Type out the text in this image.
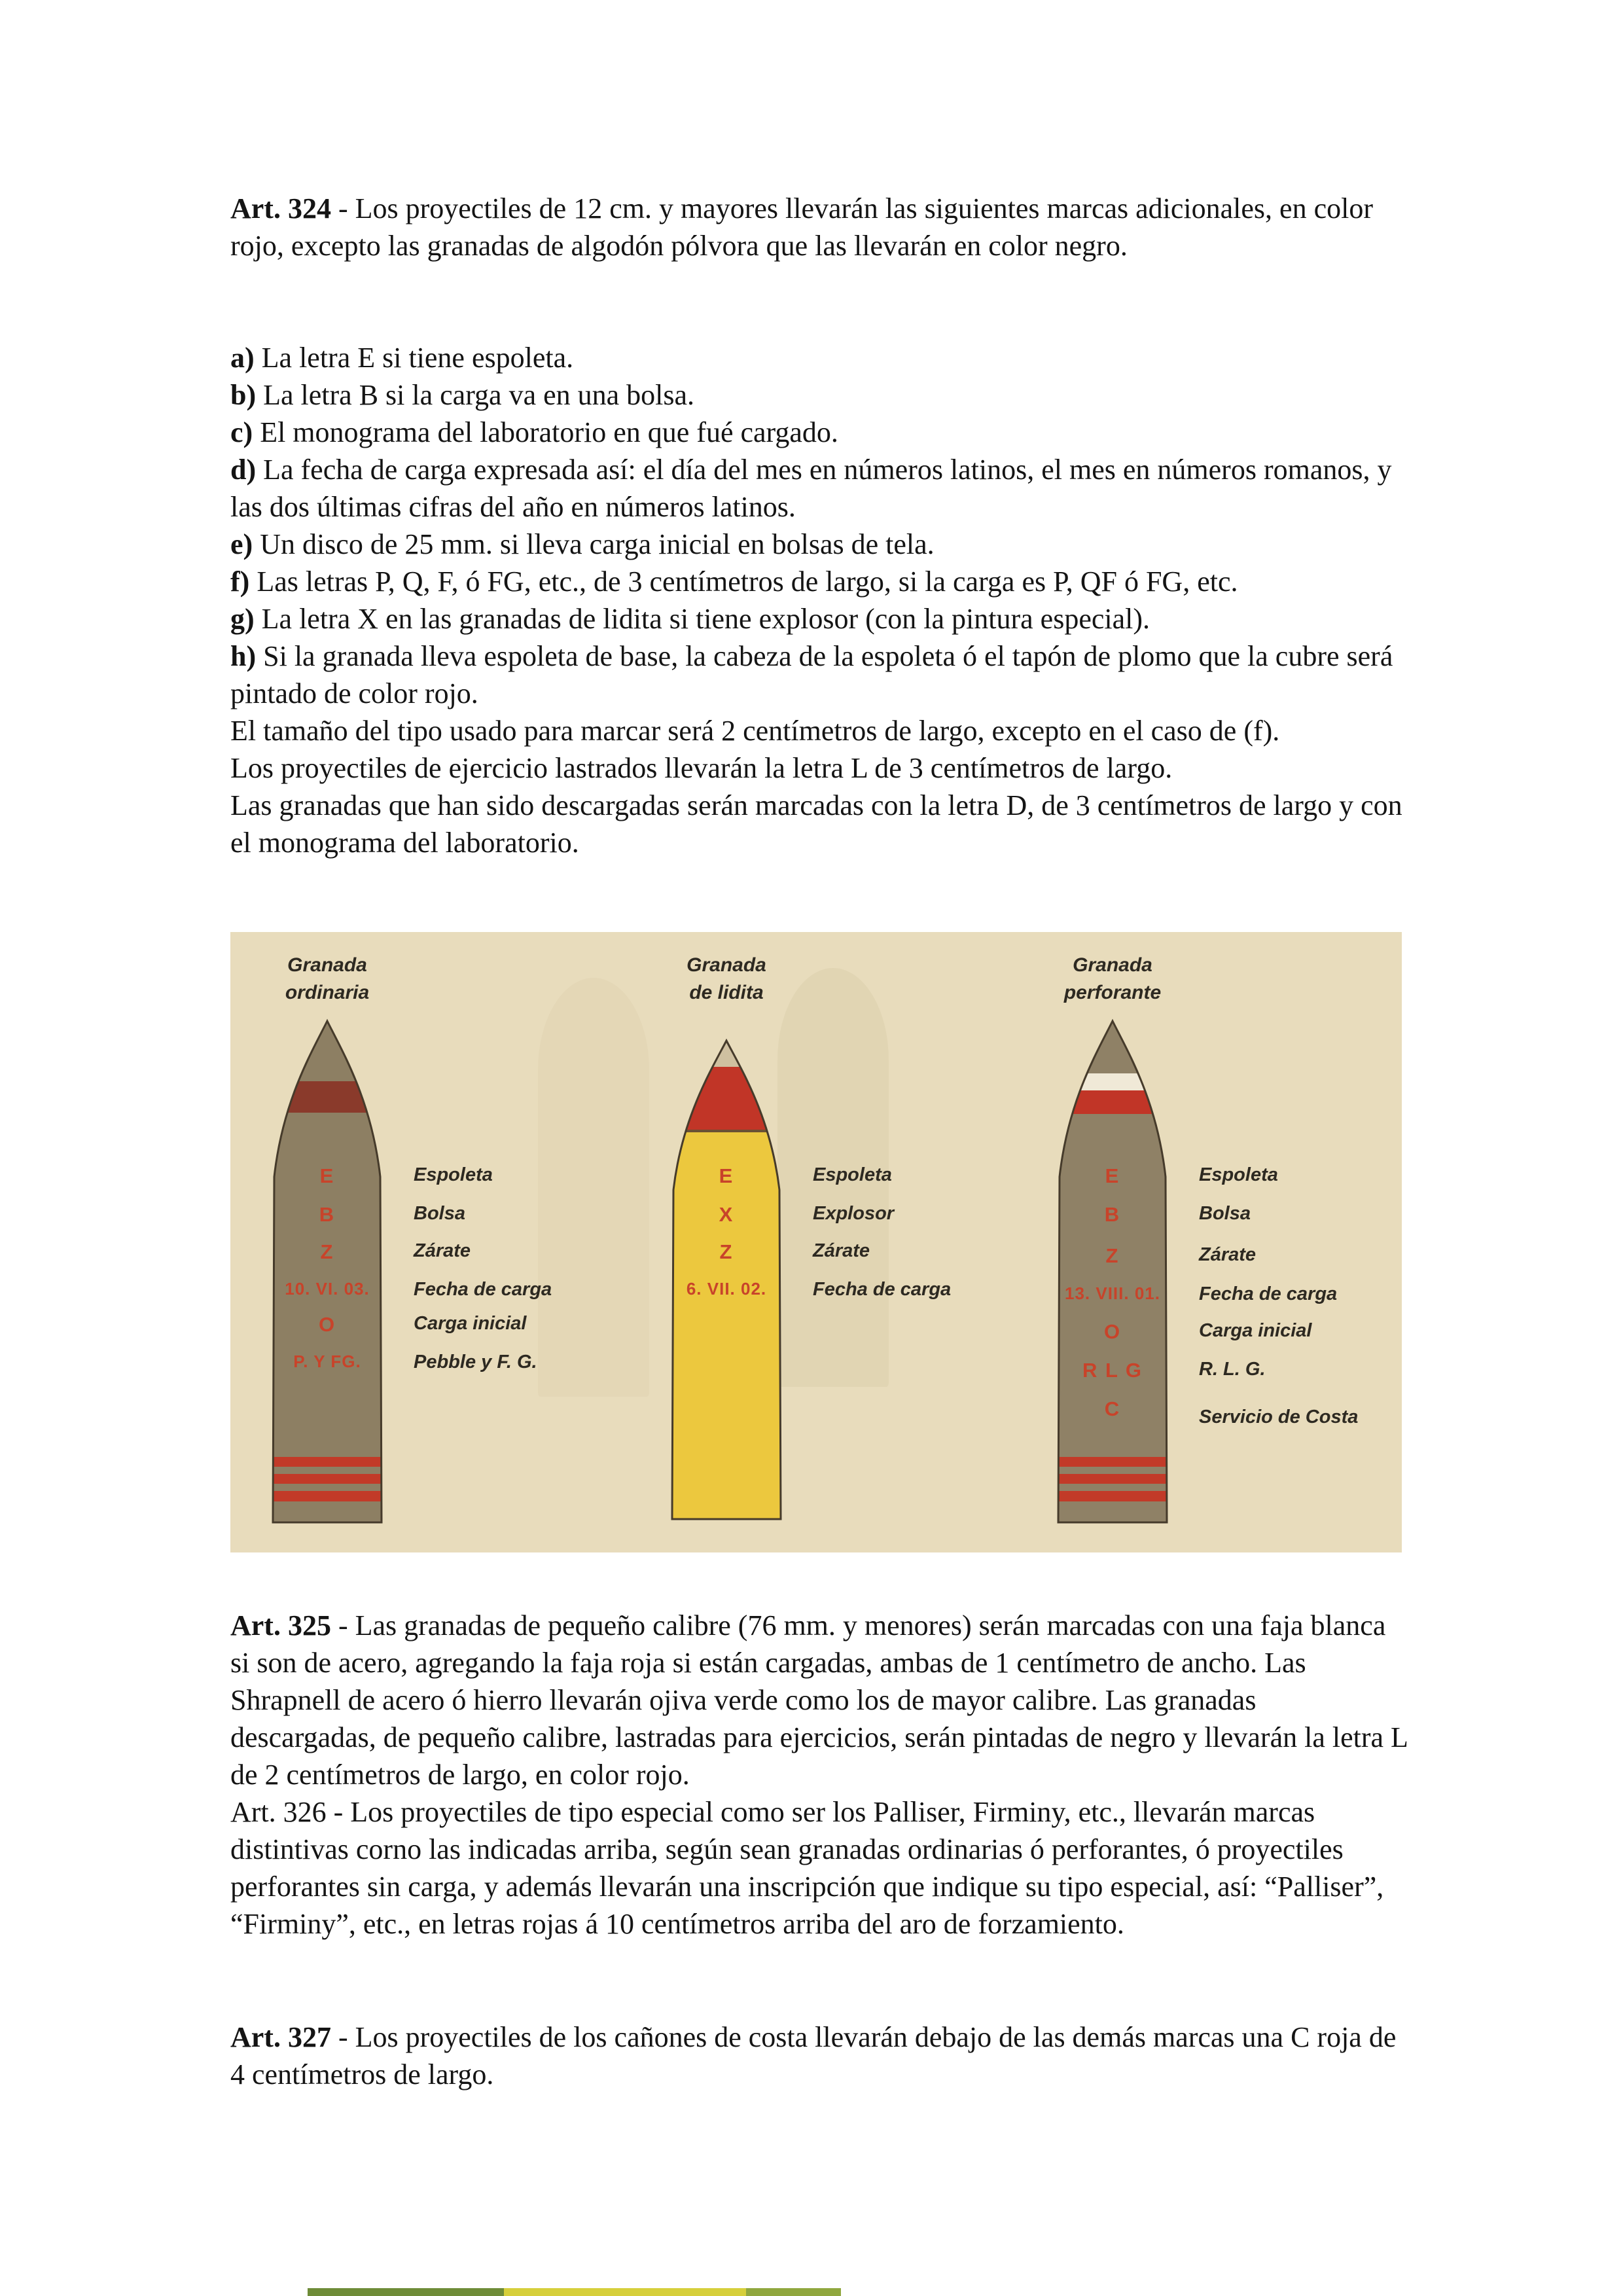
Art. 324 - Los proyectiles de 12 cm. y mayores llevarán las siguientes marcas adicionales, en color rojo, excepto las granadas de algodón pólvora que las llevarán en color negro.
a) La letra E si tiene espoleta.
b) La letra B si la carga va en una bolsa.
c) El monograma del laboratorio en que fué cargado.
d) La fecha de carga expresada así: el día del mes en números latinos, el mes en números romanos, y las dos últimas cifras del año en números latinos.
e) Un disco de 25 mm. si lleva carga inicial en bolsas de tela.
f) Las letras P, Q, F, ó FG, etc., de 3 centímetros de largo, si la carga es P, QF ó FG, etc.
g) La letra X en las granadas de lidita si tiene explosor (con la pintura especial).
h) Si la granada lleva espoleta de base, la cabeza de la espoleta ó el tapón de plomo que la cubre será pintado de color rojo.
El tamaño del tipo usado para marcar será 2 centímetros de largo, excepto en el caso de (f).
Los proyectiles de ejercicio lastrados llevarán la letra L de 3 centímetros de largo.
Las granadas que han sido descargadas serán marcadas con la letra D, de 3 centímetros de largo y con el monograma del laboratorio.
Granada
ordinaria
E
B
Z
10. VI. 03.
O
P. Y FG.
Espoleta
Bolsa
Zárate
Fecha de carga
Carga inicial
Pebble y F. G.
Granada
de lidita
E
X
Z
6. VII. 02.
Espoleta
Explosor
Zárate
Fecha de carga
Granada
perforante
E
B
Z
13. VIII. 01.
O
R L G
C
Espoleta
Bolsa
Zárate
Fecha de carga
Carga inicial
R. L. G.
Servicio de Costa
Art. 325 - Las granadas de pequeño calibre (76 mm. y menores) serán marcadas con una faja blanca si son de acero, agregando la faja roja si están cargadas, ambas de 1 centímetro de ancho. Las Shrapnell de acero ó hierro llevarán ojiva verde como los de mayor calibre. Las granadas descargadas, de pequeño calibre, lastradas para ejercicios, serán pintadas de negro y llevarán la letra L de 2 centímetros de largo, en color rojo.
Art. 326 - Los proyectiles de tipo especial como ser los Palliser, Firminy, etc., llevarán marcas distintivas corno las indicadas arriba, según sean granadas ordinarias ó perforantes, ó proyectiles perforantes sin carga, y además llevarán una inscripción que indique su tipo especial, así: “Palliser”, “Firminy”, etc., en letras rojas á 10 centímetros arriba del aro de forzamiento.
Art. 327 - Los proyectiles de los cañones de costa llevarán debajo de las demás marcas una C roja de 4 centímetros de largo.
